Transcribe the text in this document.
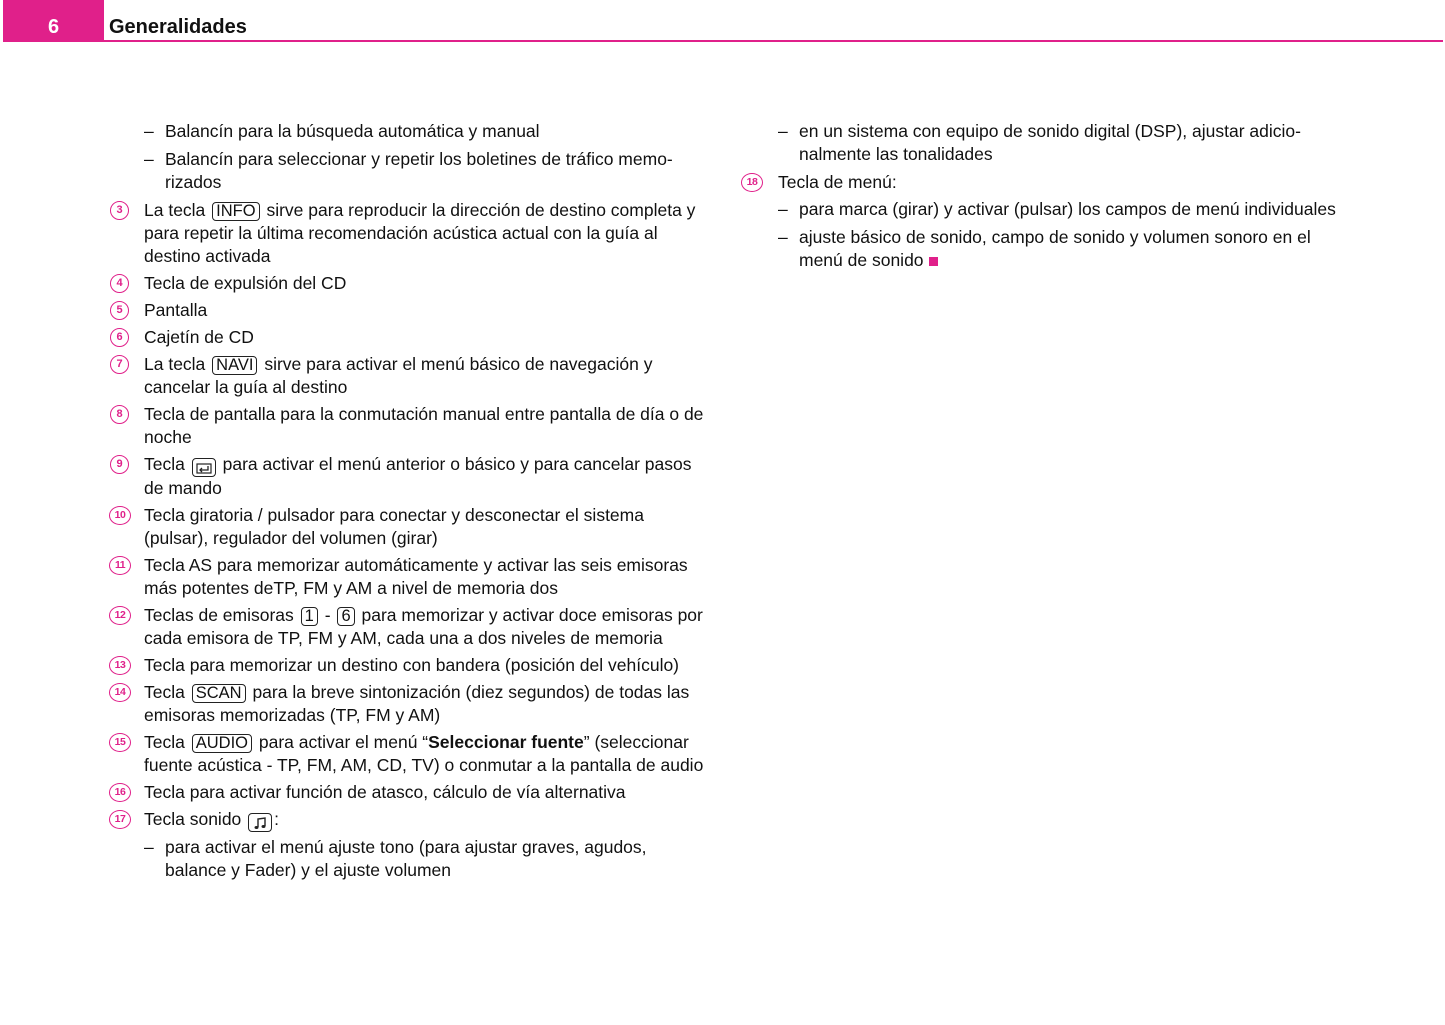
6 Generalidades
– Balancín para la búsqueda automática y manual
– Balancín para seleccionar y repetir los boletines de tráfico memorizados
3	La tecla INFO sirve para reproducir la dirección de destino completa y para repetir la última recomendación acústica actual con la guía al destino activada
4	Tecla de expulsión del CD
5	Pantalla
6	Cajetín de CD
7	La tecla NAVI sirve para activar el menú básico de navegación y cancelar la guía al destino
8	Tecla de pantalla para la conmutación manual entre pantalla de día o de noche
9	Tecla para activar el menú anterior o básico y para cancelar pasos de mando
10	Tecla giratoria / pulsador para conectar y desconectar el sistema (pulsar), regulador del volumen (girar)
11	Tecla AS para memorizar automáticamente y activar las seis emisoras más potentes deTP, FM y AM a nivel de memoria dos
12	Teclas de emisoras 1 - 6 para memorizar y activar doce emisoras por cada emisora de TP, FM y AM, cada una a dos niveles de memoria
13	Tecla para memorizar un destino con bandera (posición del vehículo)
14	Tecla SCAN para la breve sintonización (diez segundos) de todas las emisoras memorizadas (TP, FM y AM)
15	Tecla AUDIO para activar el menú “Seleccionar fuente” (seleccionar fuente acústica - TP, FM, AM, CD, TV) o conmutar a la pantalla de audio
16	Tecla para activar función de atasco, cálculo de vía alternativa
17	Tecla sonido :
– para activar el menú ajuste tono (para ajustar graves, agudos, balance y Fader) y el ajuste volumen
– en un sistema con equipo de sonido digital (DSP), ajustar adicionalmente las tonalidades
18	Tecla de menú:
– para marca (girar) y activar (pulsar) los campos de menú individuales
– ajuste básico de sonido, campo de sonido y volumen sonoro en el menú de sonido
